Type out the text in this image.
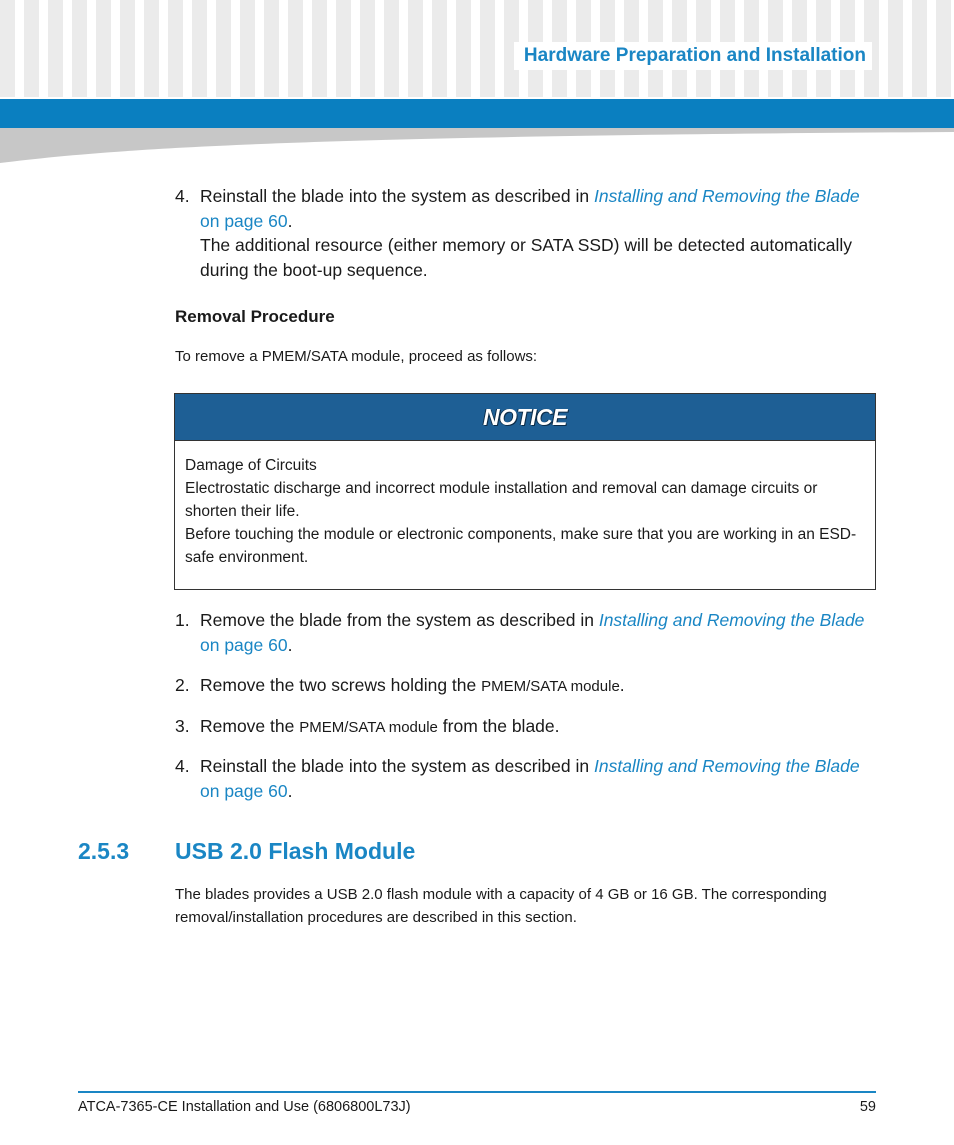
Hardware Preparation and Installation
4. Reinstall the blade into the system as described in Installing and Removing the Blade
on page 60.
The additional resource (either memory or SATA SSD) will be detected automatically during the boot-up sequence.
Removal Procedure
To remove a PMEM/SATA module, proceed as follows:
NOTICE
Damage of Circuits
Electrostatic discharge and incorrect module installation and removal can damage circuits or shorten their life.
Before touching the module or electronic components, make sure that you are working in an ESD-safe environment.
1. Remove the blade from the system as described in Installing and Removing the Blade
on page 60.
2. Remove the two screws holding the PMEM/SATA module.
3. Remove the PMEM/SATA module from the blade.
4. Reinstall the blade into the system as described in Installing and Removing the Blade
on page 60.
2.5.3 USB 2.0 Flash Module
The blades provides a USB 2.0 flash module with a capacity of 4 GB or 16 GB. The corresponding removal/installation procedures are described in this section.
ATCA-7365-CE Installation and Use (6806800L73J)	59
